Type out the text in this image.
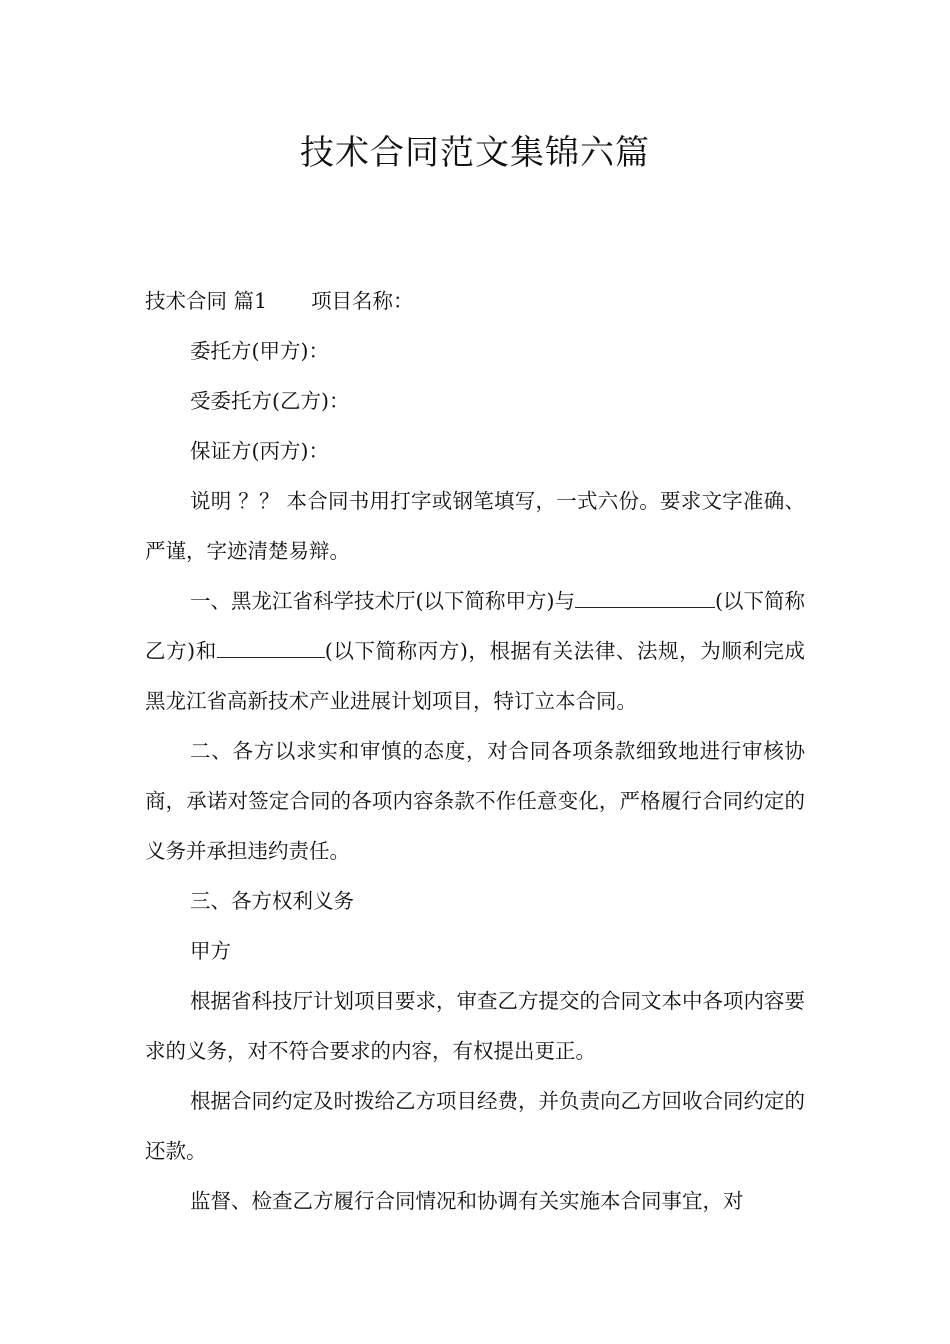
技术合同范文集锦六篇

技术合同 篇1 项目名称：

委托方(甲方)：

受委托方(乙方)：

保证方(丙方)：

说明 ？？ 本合同书用打字或钢笔填写，一式六份。要求文字准确、严谨，字迹清楚易辩。

一、黑龙江省科学技术厅(以下简称甲方)与	(以下简称乙方)和	(以下简称丙方)，根据有关法律、法规，为顺利完成黑龙江省高新技术产业进展计划项目，特订立本合同。

二、各方以求实和审慎的态度，对合同各项条款细致地进行审核协商，承诺对签定合同的各项内容条款不作任意变化，严格履行合同约定的义务并承担违约责任。

三、各方权利义务

甲方

根据省科技厅计划项目要求，审查乙方提交的合同文本中各项内容要求的义务，对不符合要求的内容，有权提出更正。

根据合同约定及时拨给乙方项目经费，并负责向乙方回收合同约定的还款。

监督、检查乙方履行合同情况和协调有关实施本合同事宜，对
